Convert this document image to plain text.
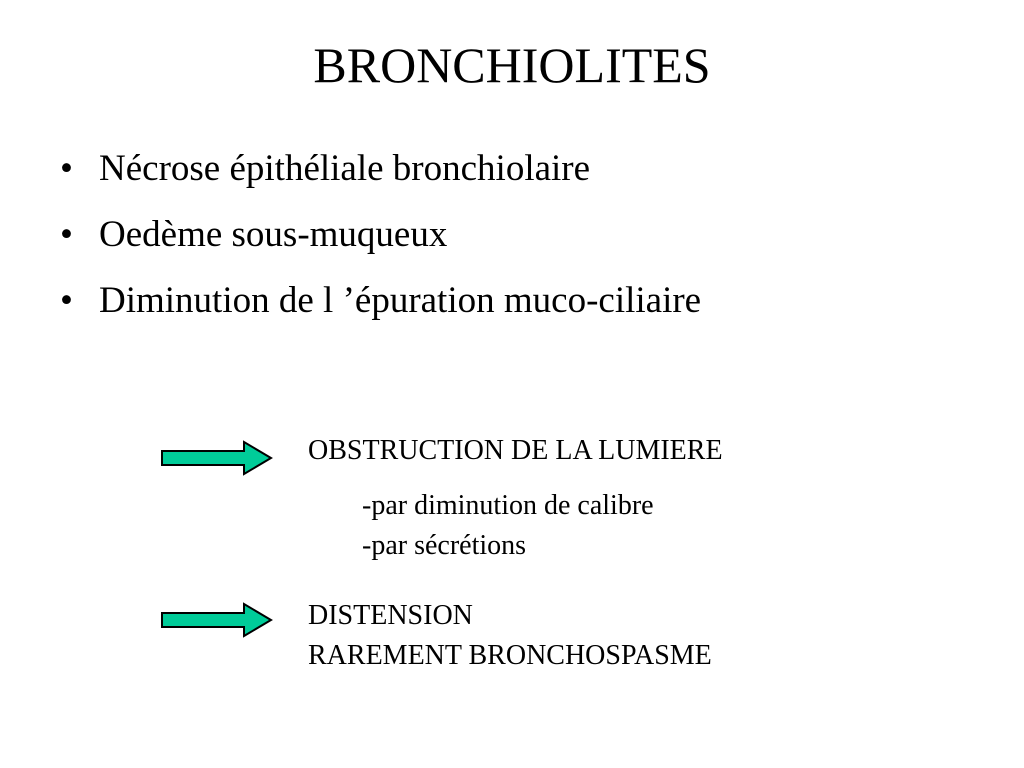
BRONCHIOLITES
• Nécrose épithéliale bronchiolaire
• Oedème sous-muqueux
• Diminution de l ’épuration muco-ciliaire
OBSTRUCTION DE LA LUMIERE
-par diminution de calibre
-par sécrétions
DISTENSION
RAREMENT BRONCHOSPASME
